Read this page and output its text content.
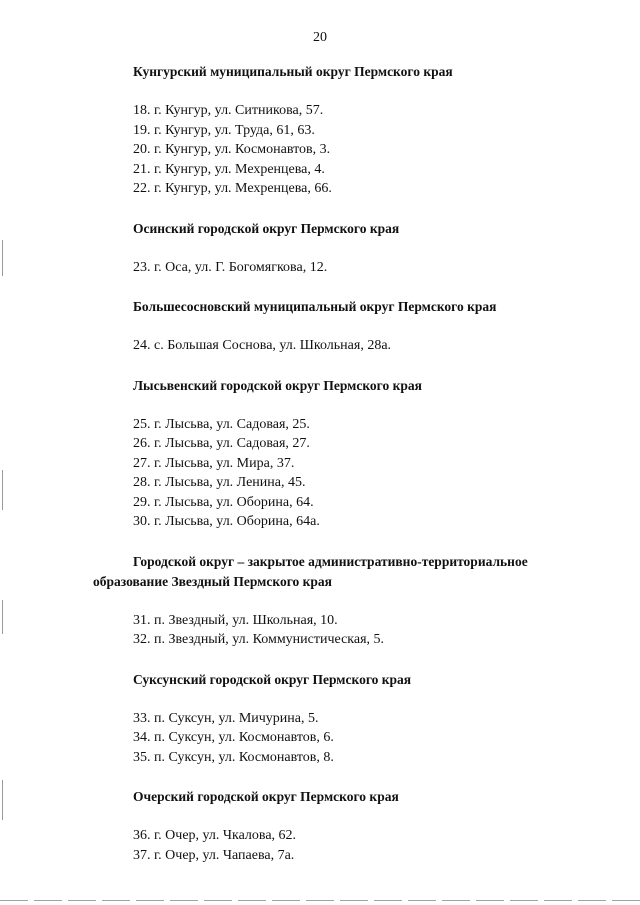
20

Кунгурский муниципальный округ Пермского края

18. г. Кунгур, ул. Ситникова, 57.
19. г. Кунгур, ул. Труда, 61, 63.
20. г. Кунгур, ул. Космонавтов, 3.
21. г. Кунгур, ул. Мехренцева, 4.
22. г. Кунгур, ул. Мехренцева, 66.

Осинский городской округ Пермского края

23. г. Оса, ул. Г. Богомягкова, 12.

Большесосновский муниципальный округ Пермского края

24. с. Большая Соснова, ул. Школьная, 28а.

Лысьвенский городской округ Пермского края

25. г. Лысьва, ул. Садовая, 25.
26. г. Лысьва, ул. Садовая, 27.
27. г. Лысьва, ул. Мира, 37.
28. г. Лысьва, ул. Ленина, 45.
29. г. Лысьва, ул. Оборина, 64.
30. г. Лысьва, ул. Оборина, 64а.

Городской округ – закрытое административно-территориальное образование Звездный Пермского края

31. п. Звездный, ул. Школьная, 10.
32. п. Звездный, ул. Коммунистическая, 5.

Суксунский городской округ Пермского края

33. п. Суксун, ул. Мичурина, 5.
34. п. Суксун, ул. Космонавтов, 6.
35. п. Суксун, ул. Космонавтов, 8.

Очерский городской округ Пермского края

36. г. Очер, ул. Чкалова, 62.
37. г. Очер, ул. Чапаева, 7а.
